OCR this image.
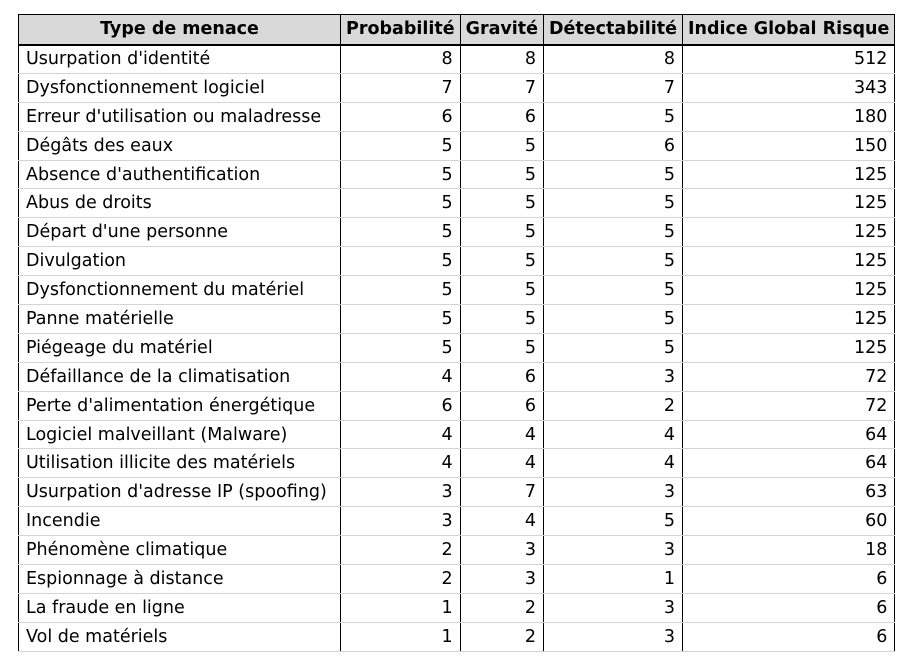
Type de menace	Probabilité	Gravité	Détectabilité	Indice Global Risque
Usurpation d'identité	8	8	8	512
Dysfonctionnement logiciel	7	7	7	343
Erreur d'utilisation ou maladresse	6	6	5	180
Dégâts des eaux	5	5	6	150
Absence d'authentification	5	5	5	125
Abus de droits	5	5	5	125
Départ d'une personne	5	5	5	125
Divulgation	5	5	5	125
Dysfonctionnement du matériel	5	5	5	125
Panne matérielle	5	5	5	125
Piégeage du matériel	5	5	5	125
Défaillance de la climatisation	4	6	3	72
Perte d'alimentation énergétique	6	6	2	72
Logiciel malveillant (Malware)	4	4	4	64
Utilisation illicite des matériels	4	4	4	64
Usurpation d'adresse IP (spoofing)	3	7	3	63
Incendie	3	4	5	60
Phénomène climatique	2	3	3	18
Espionnage à distance	2	3	1	6
La fraude en ligne	1	2	3	6
Vol de matériels	1	2	3	6
